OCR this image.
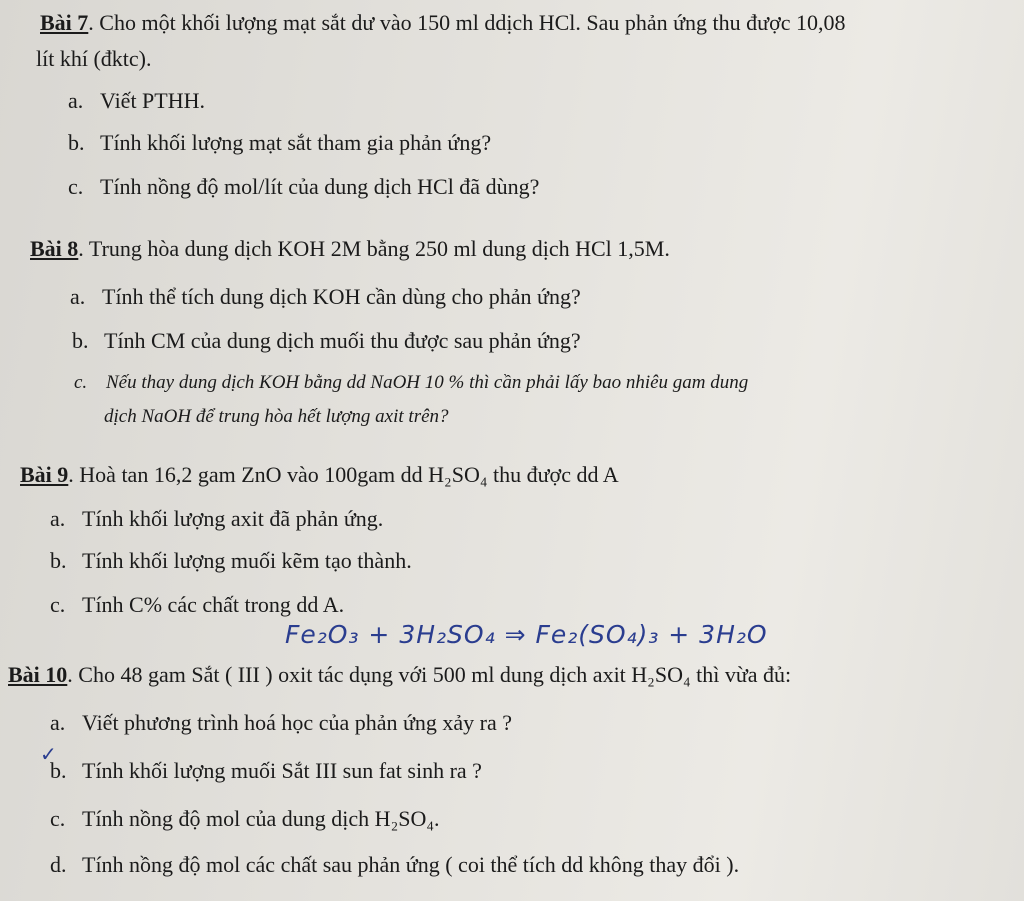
Bài 7. Cho một khối lượng mạt sắt dư vào 150 ml ddịch HCl. Sau phản ứng thu được 10,08
lít khí (đktc).
a. Viết PTHH.
b. Tính khối lượng mạt sắt tham gia phản ứng?
c. Tính nồng độ mol/lít của dung dịch HCl đã dùng?
Bài 8. Trung hòa dung dịch KOH 2M bằng 250 ml dung dịch HCl 1,5M.
a. Tính thể tích dung dịch KOH cần dùng cho phản ứng?
b. Tính CM của dung dịch muối thu được sau phản ứng?
c. Nếu thay dung dịch KOH bằng dd NaOH 10 % thì cần phải lấy bao nhiêu gam dung
dịch NaOH để trung hòa hết lượng axit trên?
Bài 9. Hoà tan 16,2 gam ZnO vào 100gam dd H₂SO₄ thu được dd A
a. Tính khối lượng axit đã phản ứng.
b. Tính khối lượng muối kẽm tạo thành.
c. Tính C% các chất trong dd A.
Fe₂O₃ + 3H₂SO₄ ⇒ Fe₂(SO₄)₃ + 3H₂O
Bài 10. Cho 48 gam Sắt ( III ) oxit tác dụng với 500 ml dung dịch axit H₂SO₄ thì vừa đủ:
a. Viết phương trình hoá học của phản ứng xảy ra ?
✓
b. Tính khối lượng muối Sắt III sun fat sinh ra ?
c. Tính nồng độ mol của dung dịch H₂SO₄.
d. Tính nồng độ mol các chất sau phản ứng ( coi thể tích dd không thay đổi ).
